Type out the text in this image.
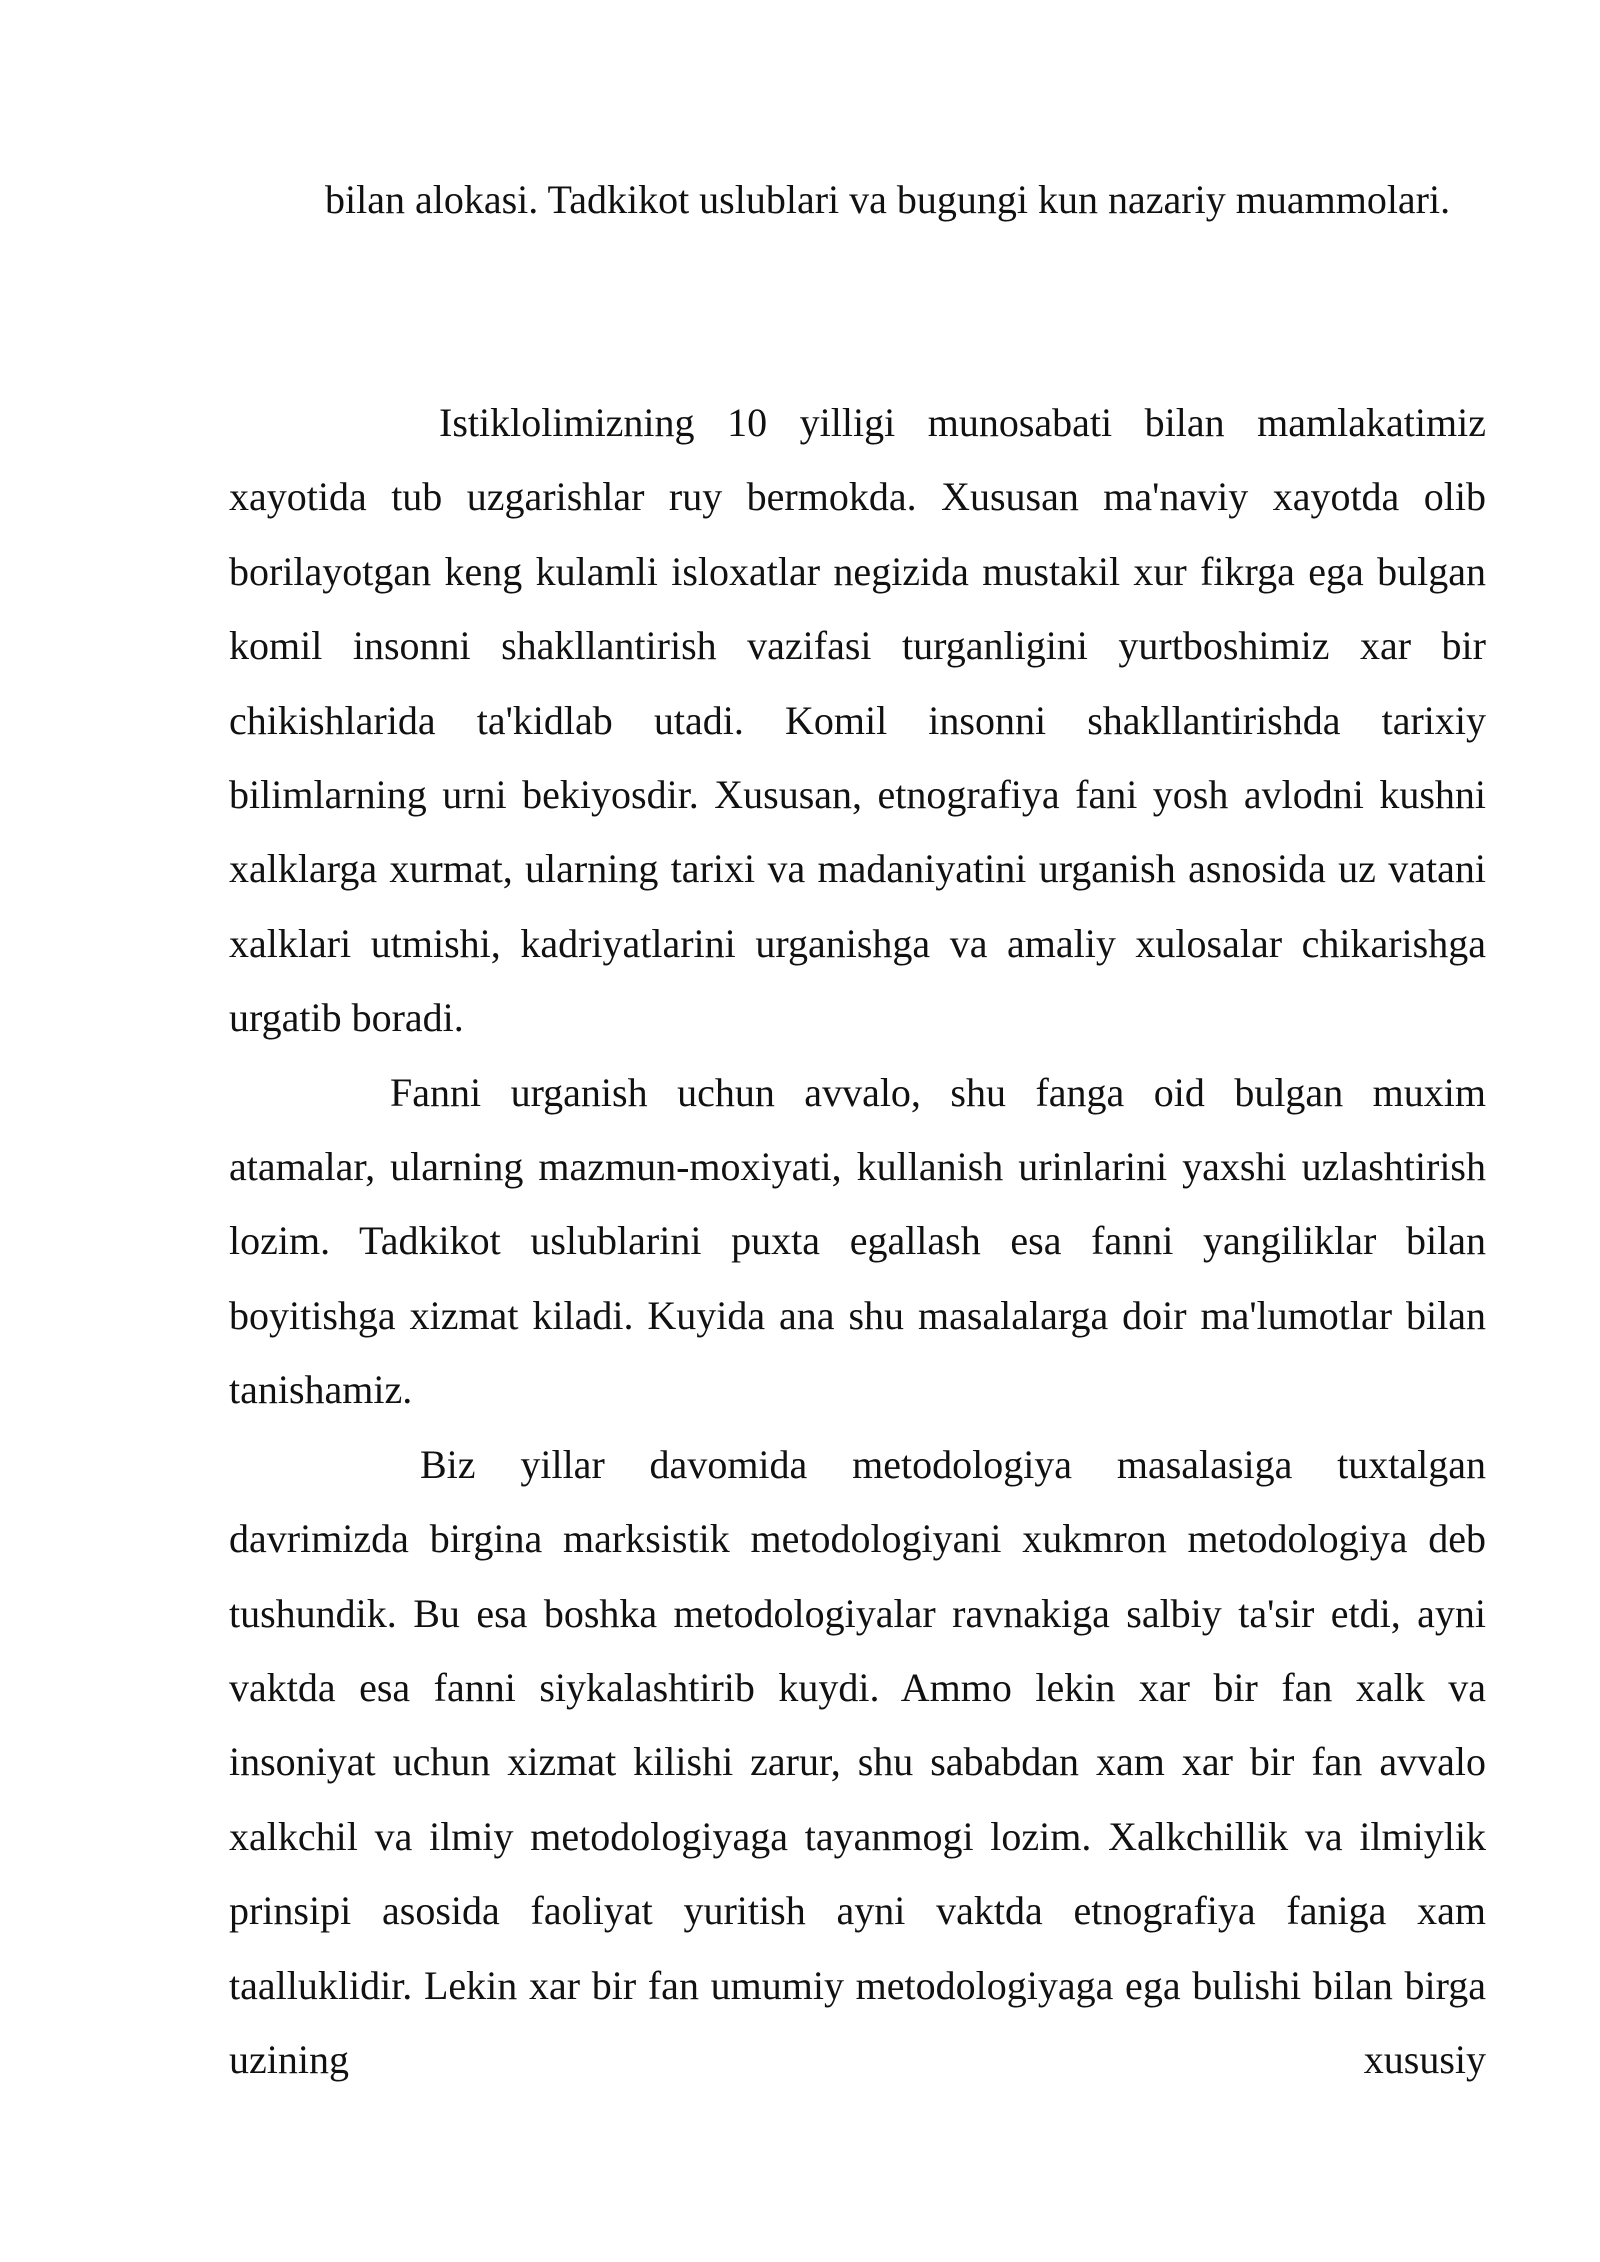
bilan alokasi. Tadkikot uslublari va bugungi kun nazariy muammolari.

Istiklolimizning 10 yilligi munosabati bilan mamlakatimiz xayotida tub uzgarishlar ruy bermokda. Xususan ma'naviy xayotda olib borilayotgan keng kulamli isloxatlar negizida mustakil xur fikrga ega bulgan komil insonni shakllantirish vazifasi turganligini yurtboshimiz xar bir chikishlarida ta'kidlab utadi. Komil insonni shakllantirishda tarixiy bilimlarning urni bekiyosdir. Xususan, etnografiya fani yosh avlodni kushni xalklarga xurmat, ularning tarixi va madaniyatini urganish asnosida uz vatani xalklari utmishi, kadriyatlarini urganishga va amaliy xulosalar chikarishga urgatib boradi.

Fanni urganish uchun avvalo, shu fanga oid bulgan muxim atamalar, ularning mazmun-moxiyati, kullanish urinlarini yaxshi uzlashtirish lozim. Tadkikot uslublarini puxta egallash esa fanni yangiliklar bilan boyitishga xizmat kiladi. Kuyida ana shu masalalarga doir ma'lumotlar bilan tanishamiz.

Biz yillar davomida metodologiya masalasiga tuxtalgan davrimizda birgina marksistik metodologiyani xukmron metodologiya deb tushundik. Bu esa boshka metodologiyalar ravnakiga salbiy ta'sir etdi, ayni vaktda esa fanni siykalashtirib kuydi. Ammo lekin xar bir fan xalk va insoniyat uchun xizmat kilishi zarur, shu sababdan xam xar bir fan avvalo xalkchil va ilmiy metodologiyaga tayanmogi lozim. Xalkchillik va ilmiylik prinsipi asosida faoliyat yuritish ayni vaktda etnografiya faniga xam taalluklidir. Lekin xar bir fan umumiy metodologiyaga ega bulishi bilan birga uzining xususiy
